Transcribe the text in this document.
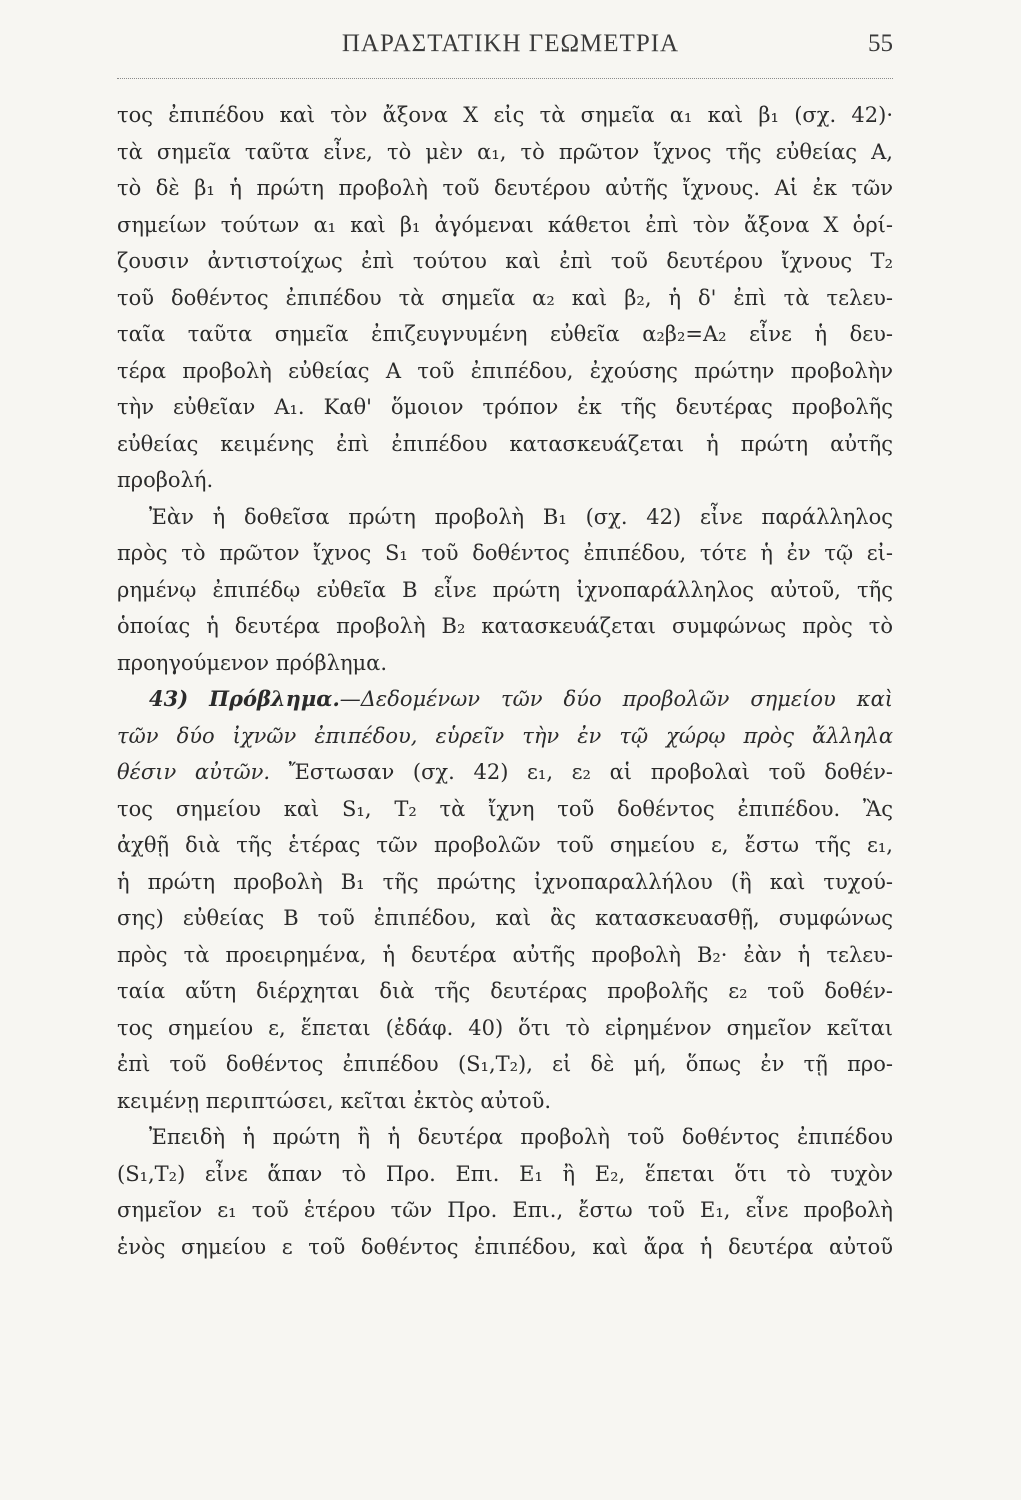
ΠΑΡΑΣΤΑΤΙΚΗ ΓΕΩΜΕΤΡΙΑ	55
τος ἐπιπέδου καὶ τὸν ἄξονα X εἰς τὰ σημεῖα α₁ καὶ β₁ (σχ. 42)·
τὰ σημεῖα ταῦτα εἶνε, τὸ μὲν α₁, τὸ πρῶτον ἴχνος τῆς εὐθείας A,
τὸ δὲ β₁ ἡ πρώτη προβολὴ τοῦ δευτέρου αὐτῆς ἴχνους. Αἱ ἐκ τῶν
σημείων τούτων α₁ καὶ β₁ ἀγόμεναι κάθετοι ἐπὶ τὸν ἄξονα X ὁρί-
ζουσιν ἀντιστοίχως ἐπὶ τούτου καὶ ἐπὶ τοῦ δευτέρου ἴχνους T₂
τοῦ δοθέντος ἐπιπέδου τὰ σημεῖα α₂ καὶ β₂, ἡ δ' ἐπὶ τὰ τελευ-
ταῖα ταῦτα σημεῖα ἐπιζευγνυμένη εὐθεῖα α₂β₂=A₂ εἶνε ἡ δευ-
τέρα προβολὴ εὐθείας A τοῦ ἐπιπέδου, ἐχούσης πρώτην προβολὴν
τὴν εὐθεῖαν A₁. Καθ' ὅμοιον τρόπον ἐκ τῆς δευτέρας προβολῆς
εὐθείας κειμένης ἐπὶ ἐπιπέδου κατασκευάζεται ἡ πρώτη αὐτῆς
προβολή.
Ἐὰν ἡ δοθεῖσα πρώτη προβολὴ B₁ (σχ. 42) εἶνε παράλληλος
πρὸς τὸ πρῶτον ἴχνος S₁ τοῦ δοθέντος ἐπιπέδου, τότε ἡ ἐν τῷ εἰ-
ρημένῳ ἐπιπέδῳ εὐθεῖα B εἶνε πρώτη ἰχνοπαράλληλος αὐτοῦ, τῆς
ὁποίας ἡ δευτέρα προβολὴ B₂ κατασκευάζεται συμφώνως πρὸς τὸ
προηγούμενον πρόβλημα.
43) Πρόβλημα.—Δεδομένων τῶν δύο προβολῶν σημείου καὶ
τῶν δύο ἰχνῶν ἐπιπέδου, εὑρεῖν τὴν ἐν τῷ χώρῳ πρὸς ἄλληλα
θέσιν αὐτῶν. Ἔστωσαν (σχ. 42) ε₁, ε₂ αἱ προβολαὶ τοῦ δοθέν-
τος σημείου καὶ S₁, T₂ τὰ ἴχνη τοῦ δοθέντος ἐπιπέδου. Ἂς
ἀχθῇ διὰ τῆς ἑτέρας τῶν προβολῶν τοῦ σημείου ε, ἔστω τῆς ε₁,
ἡ πρώτη προβολὴ B₁ τῆς πρώτης ἰχνοπαραλλήλου (ἢ καὶ τυχού-
σης) εὐθείας B τοῦ ἐπιπέδου, καὶ ἂς κατασκευασθῇ, συμφώνως
πρὸς τὰ προειρημένα, ἡ δευτέρα αὐτῆς προβολὴ B₂· ἐὰν ἡ τελευ-
ταία αὕτη διέρχηται διὰ τῆς δευτέρας προβολῆς ε₂ τοῦ δοθέν-
τος σημείου ε, ἕπεται (ἐδάφ. 40) ὅτι τὸ εἰρημένον σημεῖον κεῖται
ἐπὶ τοῦ δοθέντος ἐπιπέδου (S₁,T₂), εἰ δὲ μή, ὅπως ἐν τῇ προ-
κειμένῃ περιπτώσει, κεῖται ἐκτὸς αὐτοῦ.
Ἐπειδὴ ἡ πρώτη ἢ ἡ δευτέρα προβολὴ τοῦ δοθέντος ἐπιπέδου
(S₁,T₂) εἶνε ἅπαν τὸ Προ. Επι. E₁ ἢ E₂, ἕπεται ὅτι τὸ τυχὸν
σημεῖον ε₁ τοῦ ἑτέρου τῶν Προ. Επι., ἔστω τοῦ E₁, εἶνε προβολὴ
ἑνὸς σημείου ε τοῦ δοθέντος ἐπιπέδου, καὶ ἄρα ἡ δευτέρα αὐτοῦ
